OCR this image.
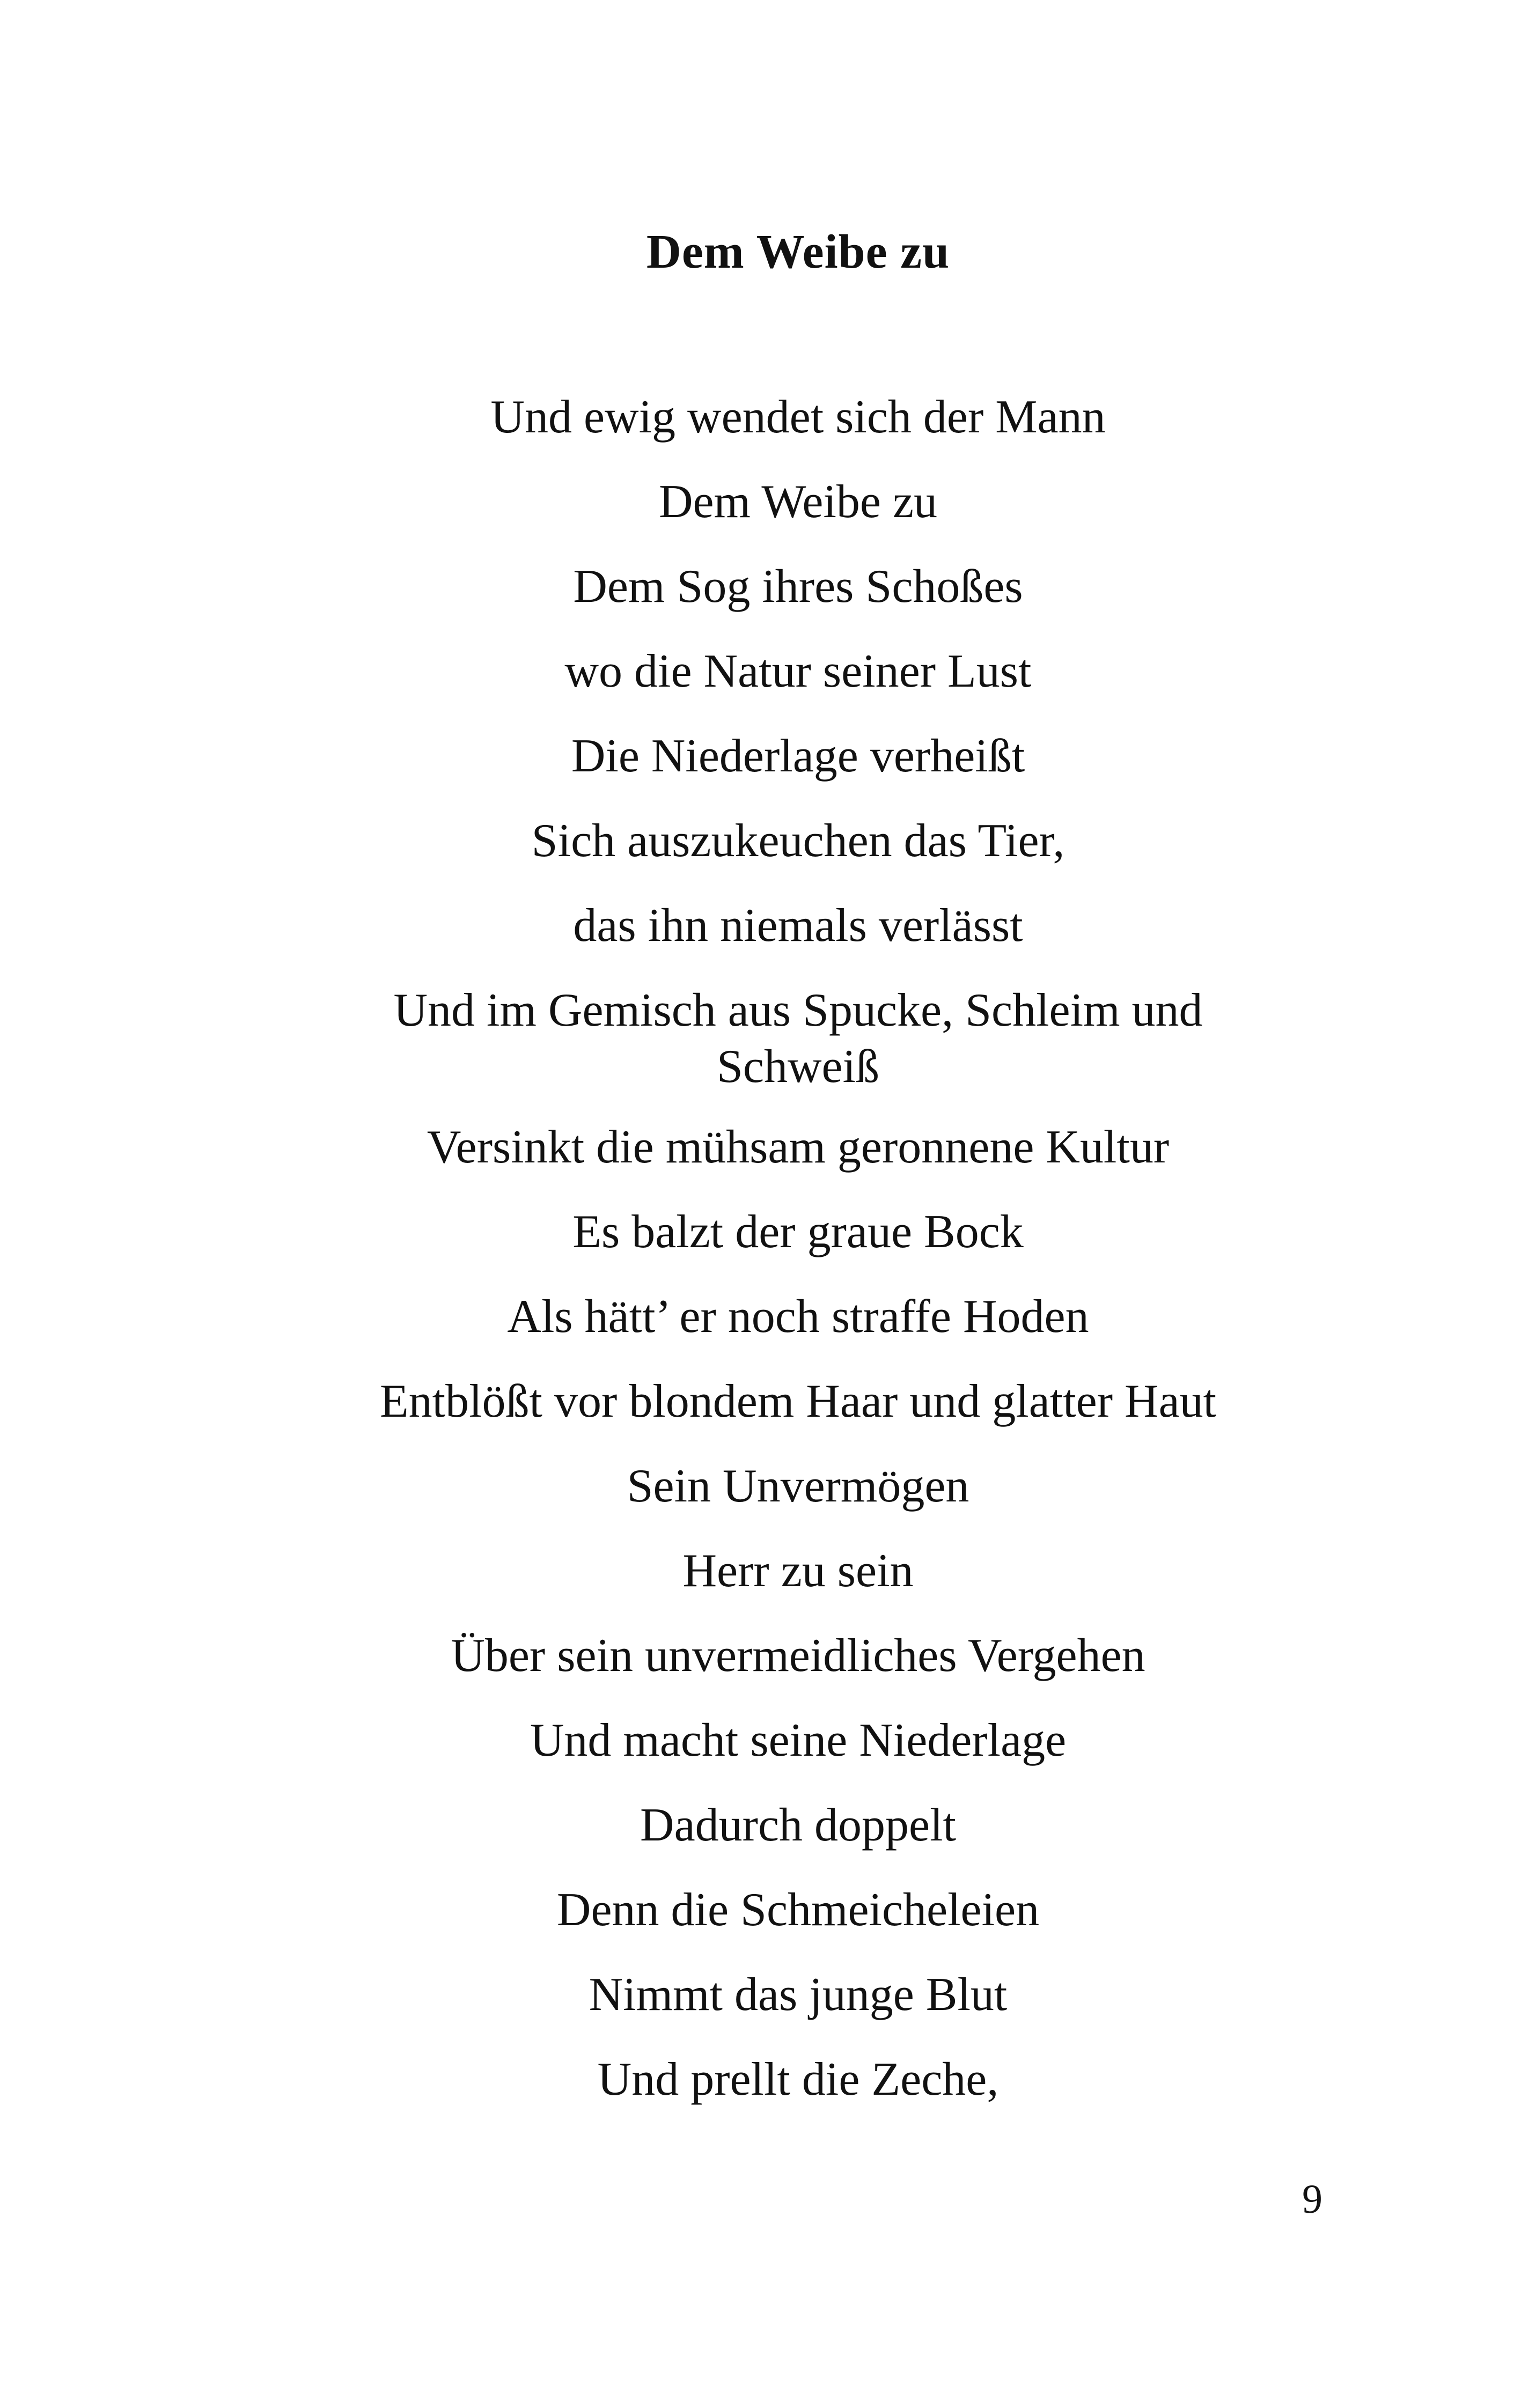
Dem Weibe zu

Und ewig wendet sich der Mann

Dem Weibe zu

Dem Sog ihres Schoßes

wo die Natur seiner Lust

Die Niederlage verheißt

Sich auszukeuchen das Tier,

das ihn niemals verlässt

Und im Gemisch aus Spucke, Schleim und Schweiß

Versinkt die mühsam geronnene Kultur

Es balzt der graue Bock

Als hätt’ er noch straffe Hoden

Entblößt vor blondem Haar und glatter Haut

Sein Unvermögen

Herr zu sein

Über sein unvermeidliches Vergehen

Und macht seine Niederlage

Dadurch doppelt

Denn die Schmeicheleien

Nimmt das junge Blut

Und prellt die Zeche,

9
